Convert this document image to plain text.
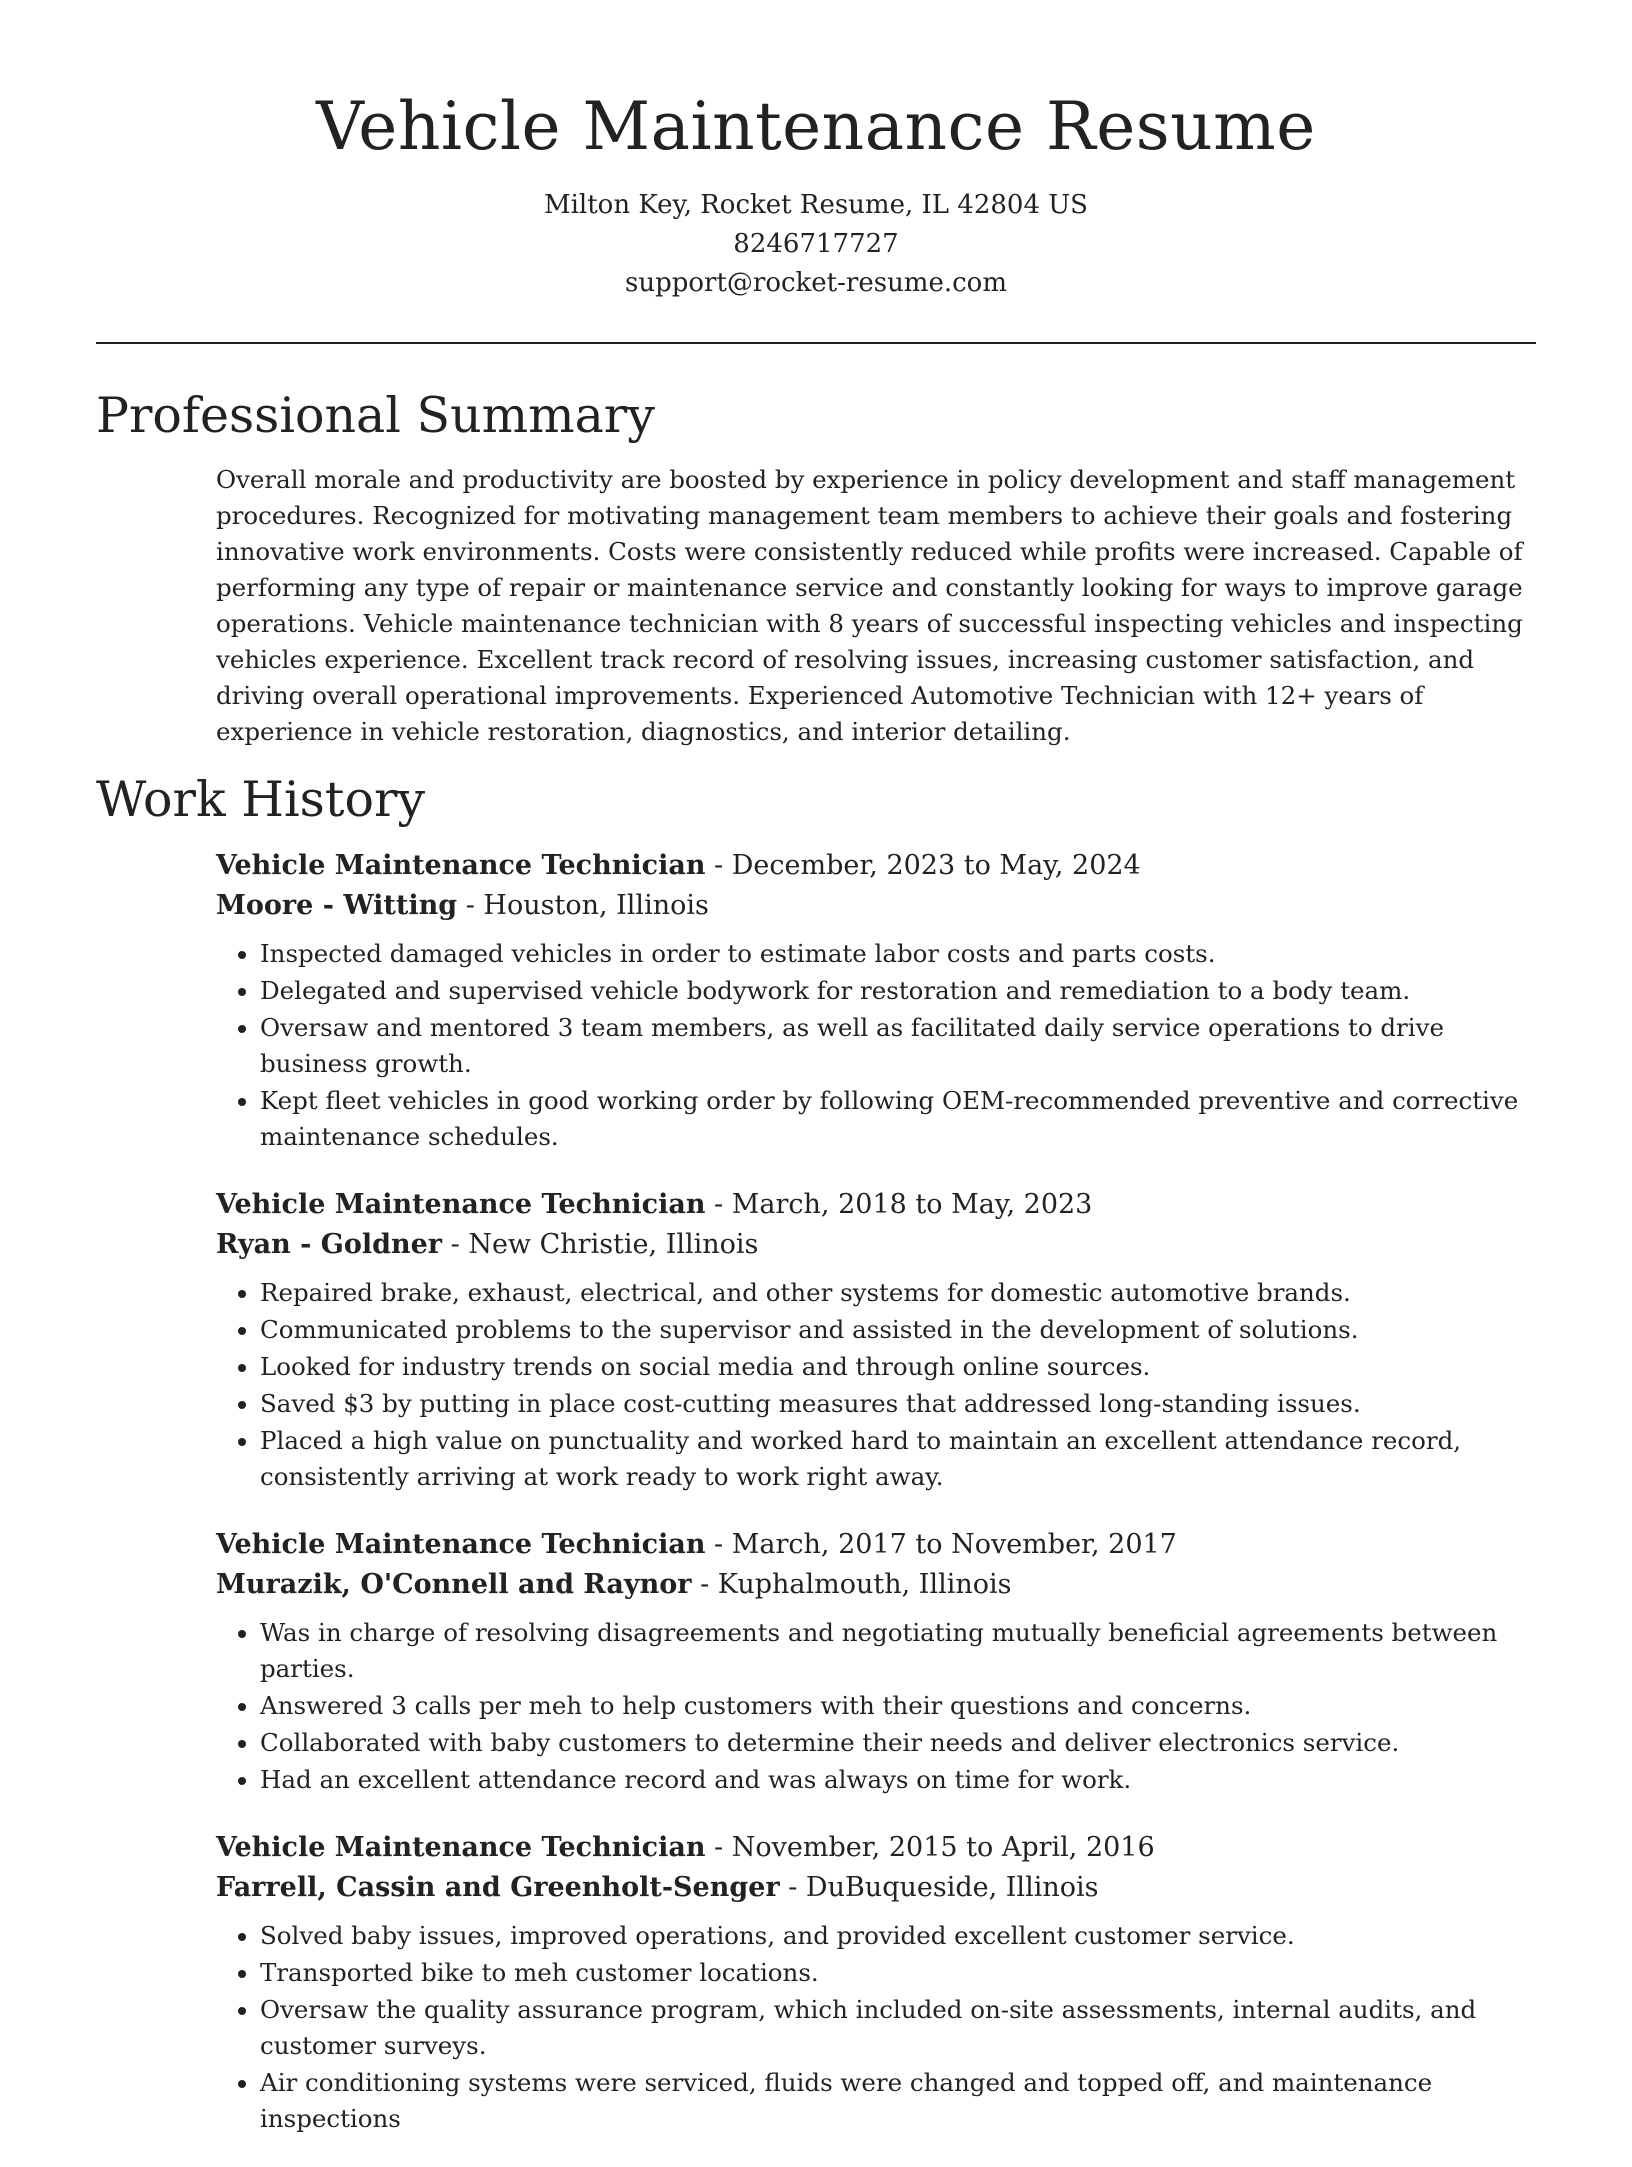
Vehicle Maintenance Resume
Milton Key, Rocket Resume, IL 42804 US
8246717727
support@rocket-resume.com
Professional Summary
Overall morale and productivity are boosted by experience in policy development and staff management procedures. Recognized for motivating management team members to achieve their goals and fostering innovative work environments. Costs were consistently reduced while profits were increased. Capable of performing any type of repair or maintenance service and constantly looking for ways to improve garage operations. Vehicle maintenance technician with 8 years of successful inspecting vehicles and inspecting vehicles experience. Excellent track record of resolving issues, increasing customer satisfaction, and driving overall operational improvements. Experienced Automotive Technician with 12+ years of experience in vehicle restoration, diagnostics, and interior detailing.
Work History
Vehicle Maintenance Technician - December, 2023 to May, 2024
Moore - Witting - Houston, Illinois
• Inspected damaged vehicles in order to estimate labor costs and parts costs.
• Delegated and supervised vehicle bodywork for restoration and remediation to a body team.
• Oversaw and mentored 3 team members, as well as facilitated daily service operations to drive business growth.
• Kept fleet vehicles in good working order by following OEM-recommended preventive and corrective maintenance schedules.
Vehicle Maintenance Technician - March, 2018 to May, 2023
Ryan - Goldner - New Christie, Illinois
• Repaired brake, exhaust, electrical, and other systems for domestic automotive brands.
• Communicated problems to the supervisor and assisted in the development of solutions.
• Looked for industry trends on social media and through online sources.
• Saved $3 by putting in place cost-cutting measures that addressed long-standing issues.
• Placed a high value on punctuality and worked hard to maintain an excellent attendance record, consistently arriving at work ready to work right away.
Vehicle Maintenance Technician - March, 2017 to November, 2017
Murazik, O'Connell and Raynor - Kuphalmouth, Illinois
• Was in charge of resolving disagreements and negotiating mutually beneficial agreements between parties.
• Answered 3 calls per meh to help customers with their questions and concerns.
• Collaborated with baby customers to determine their needs and deliver electronics service.
• Had an excellent attendance record and was always on time for work.
Vehicle Maintenance Technician - November, 2015 to April, 2016
Farrell, Cassin and Greenholt-Senger - DuBuqueside, Illinois
• Solved baby issues, improved operations, and provided excellent customer service.
• Transported bike to meh customer locations.
• Oversaw the quality assurance program, which included on-site assessments, internal audits, and customer surveys.
• Air conditioning systems were serviced, fluids were changed and topped off, and maintenance inspections
